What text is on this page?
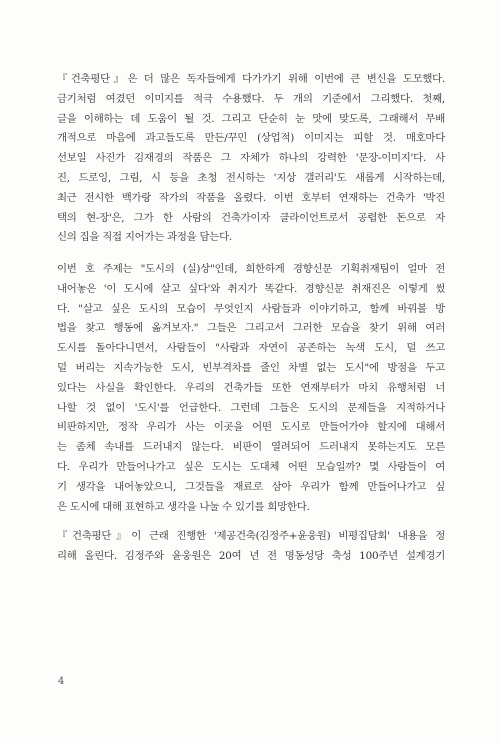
『건축평단』은 더 많은 독자들에게 다가가기 위해 이번에 큰 변신을 도모했다.
금기처럼 여겼던 이미지를 적극 수용했다. 두 개의 기준에서 그리했다. 첫째,
글을 이해하는 데 도움이 될 것. 그리고 단순히 눈 맛에 맞도록, 그래해서 무배
개적으로 마음에 과고들도록 만든/꾸민 (상업적) 이미지는 피할 것. 매호마다
선보일 사진가 김재경의 작품은 그 자체가 하나의 강력한 '문장-이미지'다. 사
진, 드로잉, 그림, 시 등을 초청 전시하는 '지상 갤러리'도 새롭게 시작하는데,
최근 전시한 백가랑 작가의 작품을 올렸다. 이번 호부터 연재하는 건축가 '박진
택의 현-장'은, 그가 한 사람의 건축가이자 클라이언트로서 공렵한 돈으로 자
신의 집을 직접 지어가는 과정을 담는다.

이번 호 주제는 "도시의 (실)상"인데, 희한하게 경향신문 기획취재팀이 얼마 전
내어놓은 '이 도시에 살고 싶다'와 취지가 똑같다. 경향신문 취재진은 이렇게 썼
다. "살고 싶은 도시의 모습이 무엇인지 사람들과 이야기하고, 함께 바꿔볼 방
법을 찾고 행동에 옮겨보자." 그들은 그리고서 그러한 모습을 찾기 위해 여러
도시를 돌아다니면서, 사람들이 "사람과 자연이 공존하는 녹색 도시, 덜 쓰고
덜 버리는 지속가능한 도시, 빈부격차를 줄인 차별 없는 도시"에 방점을 두고
있다는 사실을 확인한다. 우리의 건축가들 또한 연재부터가 마치 유행처럼 너
나할 것 없이 '도시'를 언급한다. 그런데 그들은 도시의 문제들을 지적하거나
비판하지만, 정작 우리가 사는 이곳을 어떤 도시로 만들어가야 할지에 대해서
는 좀체 속내를 드러내지 않는다. 비판이 열려되어 드러내지 못하는지도 모른
다. 우리가 만들어나가고 싶은 도시는 도대체 어떤 모습일까? 몇 사람들이 여
기 생각을 내어놓았으니, 그것들을 재료로 삼아 우리가 함께 만들어나가고 싶
은 도시에 대해 표현하고 생각을 나눌 수 있기를 희망한다.

『건축평단』이 근래 진행한 '제공건축(김정주+윤웅원) 비평집담회' 내용을 정
리해 올린다. 김정주와 윤웅원은 20여 년 전 명동성당 축성 100주년 설계경기

4
